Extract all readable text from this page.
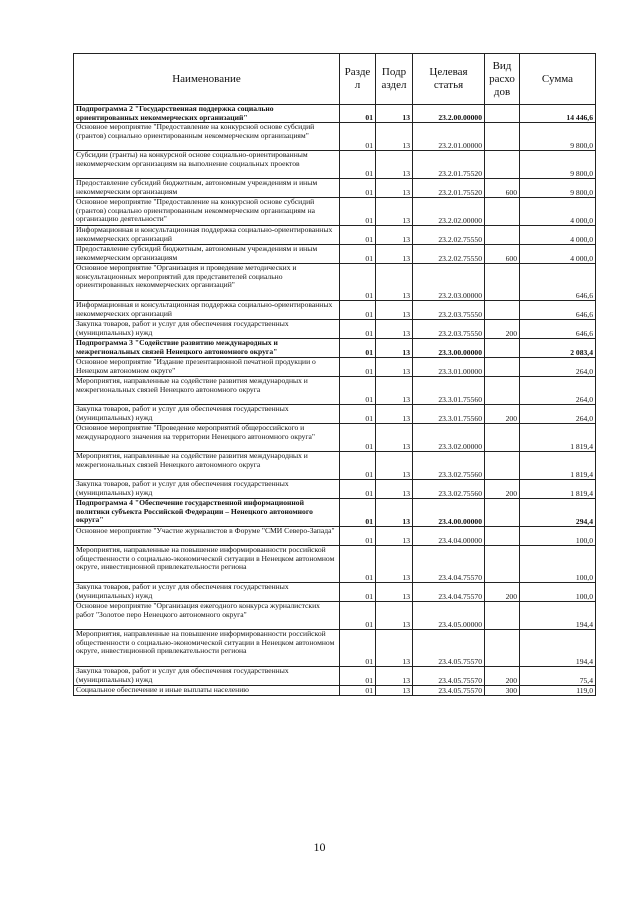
Наименование	Разде л	Подр аздел	Целевая статья	Вид расхо дов	Сумма
Подпрограмма 2 "Государственная поддержка социально ориентированных некоммерческих организаций"	01	13	23.2.00.00000		14 446,6
Основное мероприятие "Предоставление на конкурсной основе субсидий (грантов) социально ориентированным некоммерческим организациям"	01	13	23.2.01.00000		9 800,0
Субсидии (гранты) на конкурсной основе социально-ориентированным некоммерческим организациям на выполнение социальных проектов	01	13	23.2.01.75520		9 800,0
Предоставление субсидий бюджетным, автономным учреждениям и иным некоммерческим организациям	01	13	23.2.01.75520	600	9 800,0
Основное мероприятие "Предоставление на конкурсной основе субсидий (грантов) социально ориентированным некоммерческим организациям на организацию деятельности"	01	13	23.2.02.00000		4 000,0
Информационная и консультационная поддержка социально-ориентированных некоммерческих организаций	01	13	23.2.02.75550		4 000,0
Предоставление субсидий бюджетным, автономным учреждениям и иным некоммерческим организациям	01	13	23.2.02.75550	600	4 000,0
Основное мероприятие "Организация и проведение методических и консультационных мероприятий для представителей социально ориентированных некоммерческих организаций"	01	13	23.2.03.00000		646,6
Информационная и консультационная поддержка социально-ориентированных некоммерческих организаций	01	13	23.2.03.75550		646,6
Закупка товаров, работ и услуг для обеспечения государственных (муниципальных) нужд	01	13	23.2.03.75550	200	646,6
Подпрограмма 3 "Содействие развитию международных и межрегиональных связей Ненецкого автономного округа"	01	13	23.3.00.00000		2 083,4
Основное мероприятие "Издание презентационной печатной продукции о Ненецком автономном округе"	01	13	23.3.01.00000		264,0
Мероприятия, направленные на содействие развития международных и межрегиональных связей Ненецкого автономного округа	01	13	23.3.01.75560		264,0
Закупка товаров, работ и услуг для обеспечения государственных (муниципальных) нужд	01	13	23.3.01.75560	200	264,0
Основное мероприятие "Проведение мероприятий общероссийского и международного значения на территории Ненецкого автономного округа"	01	13	23.3.02.00000		1 819,4
Мероприятия, направленные на содействие развития международных и межрегиональных связей Ненецкого автономного округа	01	13	23.3.02.75560		1 819,4
Закупка товаров, работ и услуг для обеспечения государственных (муниципальных) нужд	01	13	23.3.02.75560	200	1 819,4
Подпрограмма 4 "Обеспечение государственной информационной политики субъекта Российской Федерации – Ненецкого автономного округа"	01	13	23.4.00.00000		294,4
Основное мероприятие "Участие журналистов в Форуме "СМИ Северо-Запада"	01	13	23.4.04.00000		100,0
Мероприятия, направленные на повышение информированности российской общественности о социально-экономической ситуации в Ненецком автономном округе, инвестиционной привлекательности региона	01	13	23.4.04.75570		100,0
Закупка товаров, работ и услуг для обеспечения государственных (муниципальных) нужд	01	13	23.4.04.75570	200	100,0
Основное мероприятие "Организация ежегодного конкурса журналистских работ "Золотое перо Ненецкого автономного округа"	01	13	23.4.05.00000		194,4
Мероприятия, направленные на повышение информированности российской общественности о социально-экономической ситуации в Ненецком автономном округе, инвестиционной привлекательности региона	01	13	23.4.05.75570		194,4
Закупка товаров, работ и услуг для обеспечения государственных (муниципальных) нужд	01	13	23.4.05.75570	200	75,4
Социальное обеспечение и иные выплаты населению	01	13	23.4.05.75570	300	119,0
10
